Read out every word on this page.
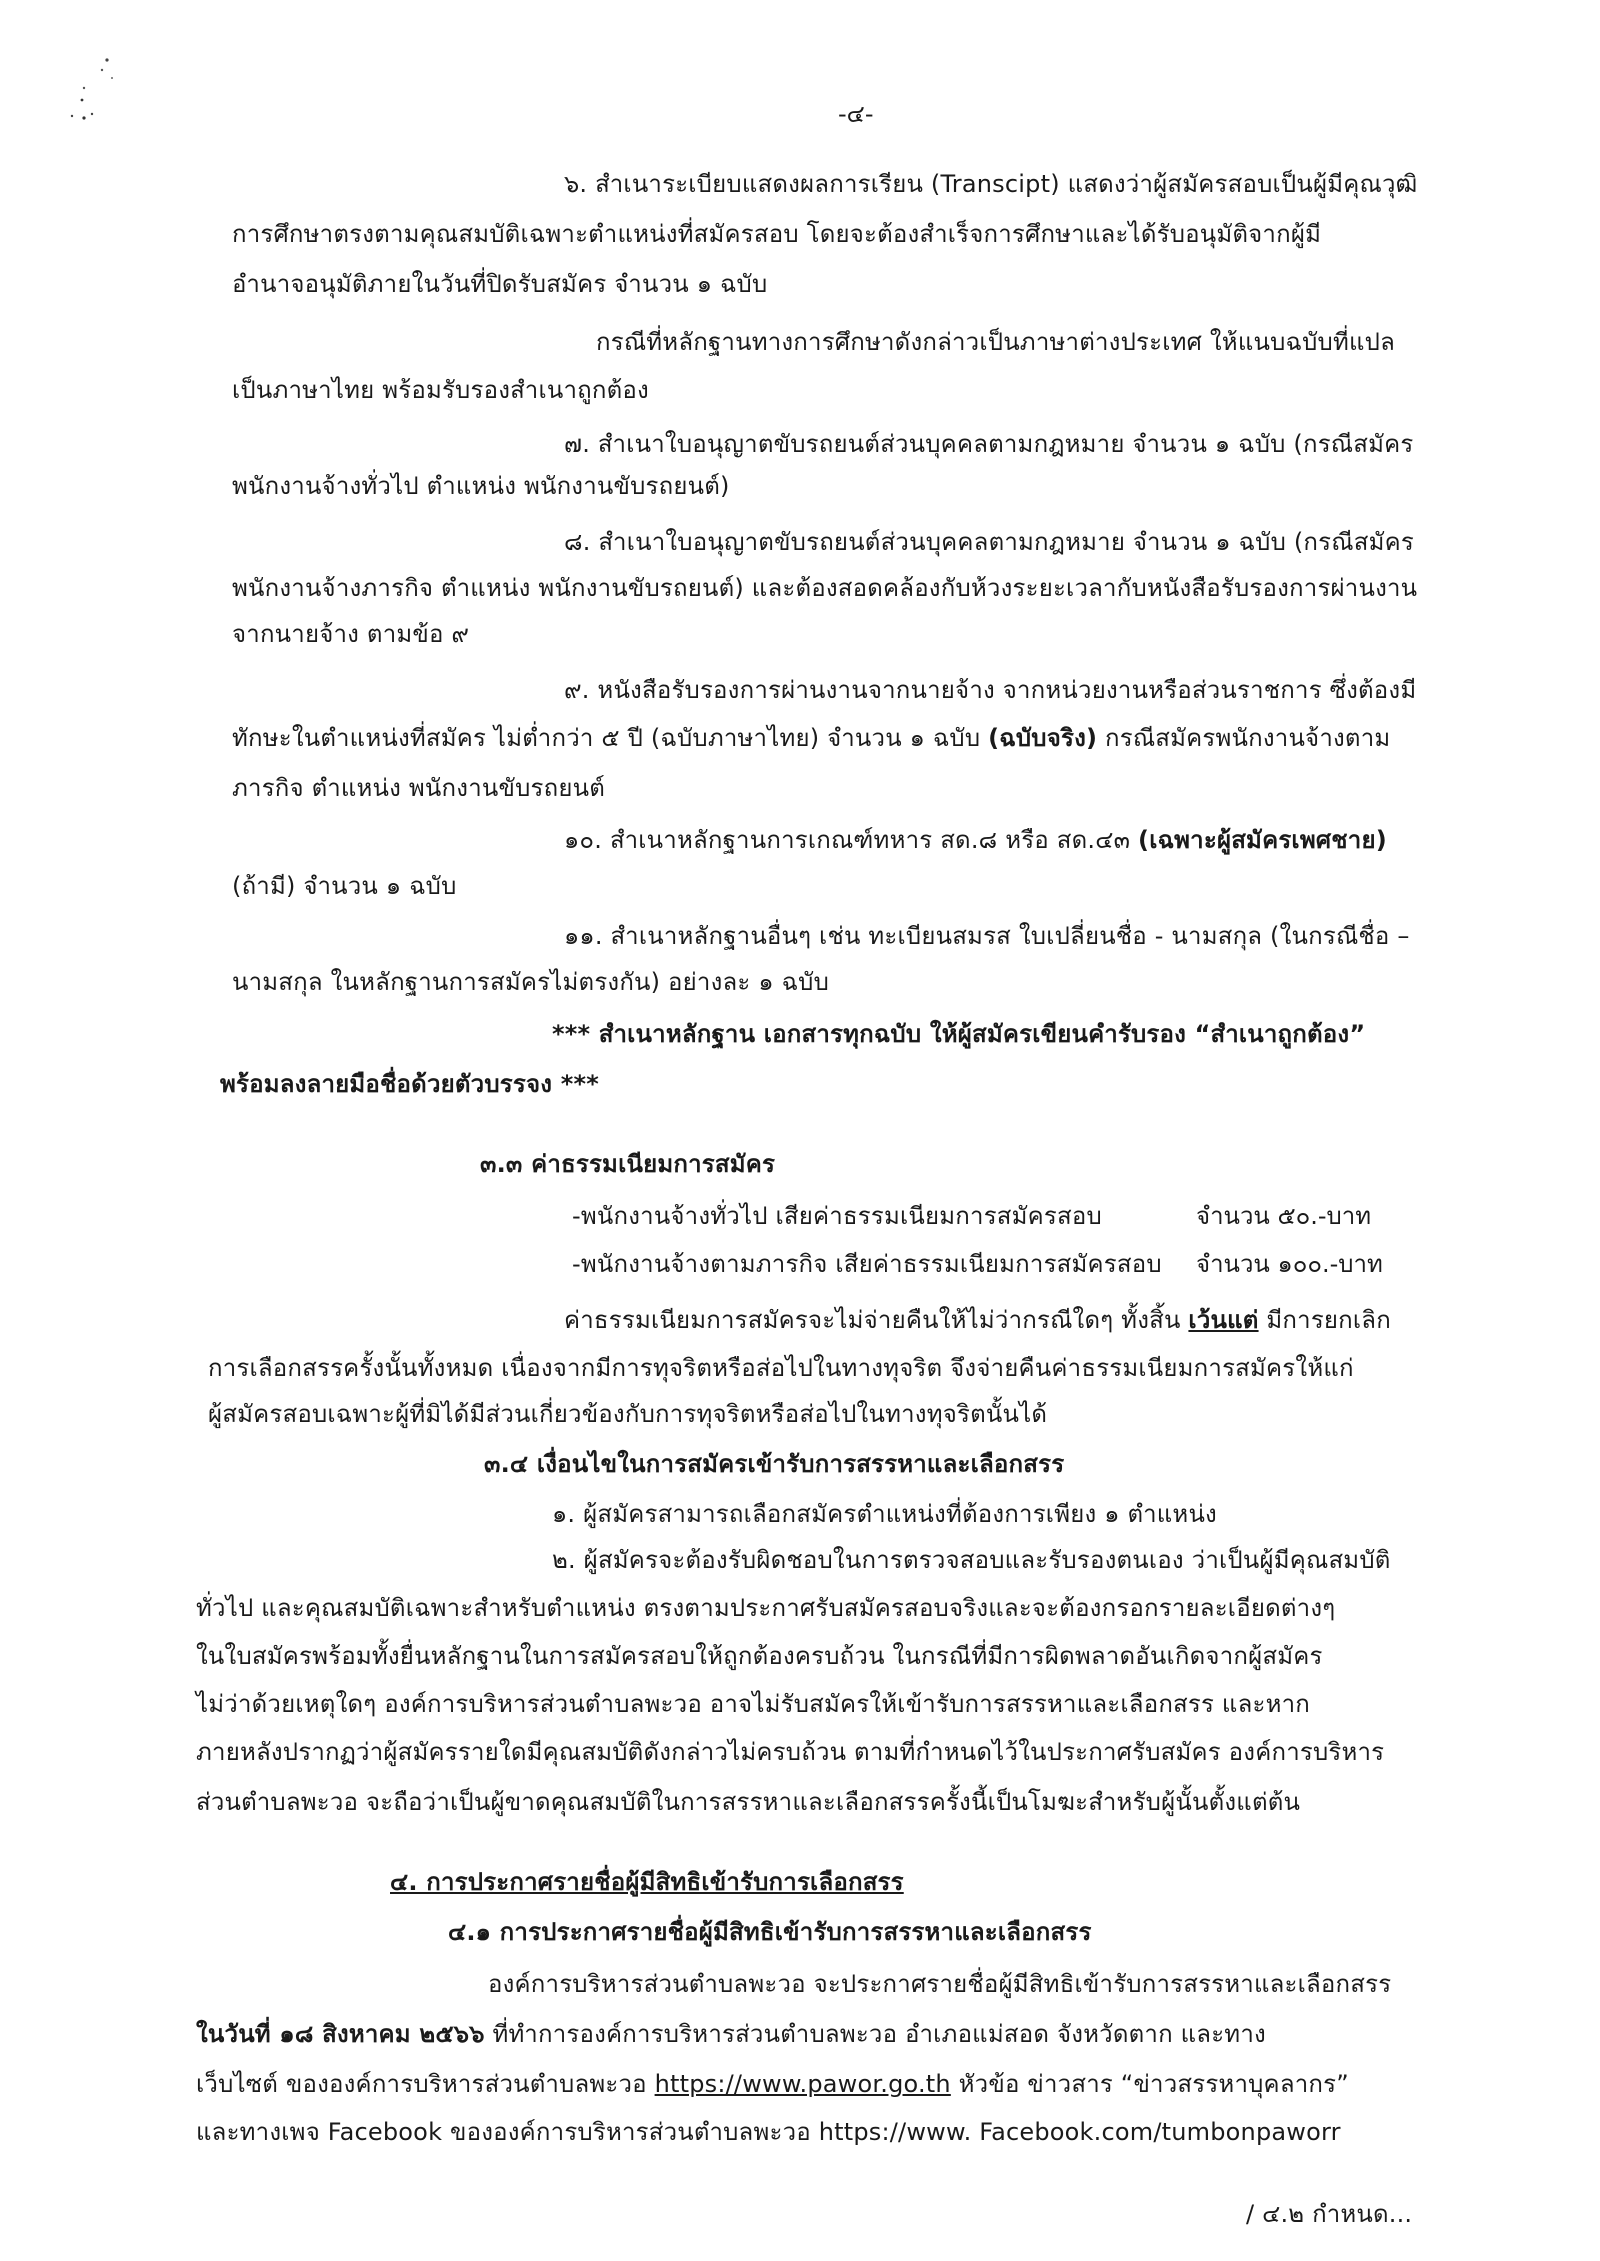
-๔-
๖. สำเนาระเบียบแสดงผลการเรียน (Transcipt) แสดงว่าผู้สมัครสอบเป็นผู้มีคุณวุฒิ
การศึกษาตรงตามคุณสมบัติเฉพาะตำแหน่งที่สมัครสอบ โดยจะต้องสำเร็จการศึกษาและได้รับอนุมัติจากผู้มี
อำนาจอนุมัติภายในวันที่ปิดรับสมัคร จำนวน ๑ ฉบับ
กรณีที่หลักฐานทางการศึกษาดังกล่าวเป็นภาษาต่างประเทศ ให้แนบฉบับที่แปล
เป็นภาษาไทย พร้อมรับรองสำเนาถูกต้อง
๗. สำเนาใบอนุญาตขับรถยนต์ส่วนบุคคลตามกฎหมาย จำนวน ๑ ฉบับ (กรณีสมัคร
พนักงานจ้างทั่วไป ตำแหน่ง พนักงานขับรถยนต์)
๘. สำเนาใบอนุญาตขับรถยนต์ส่วนบุคคลตามกฎหมาย จำนวน ๑ ฉบับ (กรณีสมัคร
พนักงานจ้างภารกิจ ตำแหน่ง พนักงานขับรถยนต์) และต้องสอดคล้องกับห้วงระยะเวลากับหนังสือรับรองการผ่านงาน
จากนายจ้าง ตามข้อ ๙
๙. หนังสือรับรองการผ่านงานจากนายจ้าง จากหน่วยงานหรือส่วนราชการ ซึ่งต้องมี
ทักษะในตำแหน่งที่สมัคร ไม่ต่ำกว่า ๕ ปี (ฉบับภาษาไทย) จำนวน ๑ ฉบับ (ฉบับจริง) กรณีสมัครพนักงานจ้างตาม
ภารกิจ ตำแหน่ง พนักงานขับรถยนต์
๑๐. สำเนาหลักฐานการเกณฑ์ทหาร สด.๘ หรือ สด.๔๓ (เฉพาะผู้สมัครเพศชาย)
(ถ้ามี) จำนวน ๑ ฉบับ
๑๑. สำเนาหลักฐานอื่นๆ เช่น ทะเบียนสมรส ใบเปลี่ยนชื่อ - นามสกุล (ในกรณีชื่อ –
นามสกุล ในหลักฐานการสมัครไม่ตรงกัน) อย่างละ ๑ ฉบับ
*** สำเนาหลักฐาน เอกสารทุกฉบับ ให้ผู้สมัครเขียนคำรับรอง “สำเนาถูกต้อง”
พร้อมลงลายมือชื่อด้วยตัวบรรจง ***
๓.๓ ค่าธรรมเนียมการสมัคร
-พนักงานจ้างทั่วไป เสียค่าธรรมเนียมการสมัครสอบ	จำนวน ๕๐.-บาท
-พนักงานจ้างตามภารกิจ เสียค่าธรรมเนียมการสมัครสอบ จำนวน ๑๐๐.-บาท
ค่าธรรมเนียมการสมัครจะไม่จ่ายคืนให้ไม่ว่ากรณีใดๆ ทั้งสิ้น เว้นแต่ มีการยกเลิก
การเลือกสรรครั้งนั้นทั้งหมด เนื่องจากมีการทุจริตหรือส่อไปในทางทุจริต จึงจ่ายคืนค่าธรรมเนียมการสมัครให้แก่
ผู้สมัครสอบเฉพาะผู้ที่มิได้มีส่วนเกี่ยวข้องกับการทุจริตหรือส่อไปในทางทุจริตนั้นได้
๓.๔ เงื่อนไขในการสมัครเข้ารับการสรรหาและเลือกสรร
๑. ผู้สมัครสามารถเลือกสมัครตำแหน่งที่ต้องการเพียง ๑ ตำแหน่ง
๒. ผู้สมัครจะต้องรับผิดชอบในการตรวจสอบและรับรองตนเอง ว่าเป็นผู้มีคุณสมบัติ
ทั่วไป และคุณสมบัติเฉพาะสำหรับตำแหน่ง ตรงตามประกาศรับสมัครสอบจริงและจะต้องกรอกรายละเอียดต่างๆ
ในใบสมัครพร้อมทั้งยื่นหลักฐานในการสมัครสอบให้ถูกต้องครบถ้วน ในกรณีที่มีการผิดพลาดอันเกิดจากผู้สมัคร
ไม่ว่าด้วยเหตุใดๆ องค์การบริหารส่วนตำบลพะวอ อาจไม่รับสมัครให้เข้ารับการสรรหาและเลือกสรร และหาก
ภายหลังปรากฏว่าผู้สมัครรายใดมีคุณสมบัติดังกล่าวไม่ครบถ้วน ตามที่กำหนดไว้ในประกาศรับสมัคร องค์การบริหาร
ส่วนตำบลพะวอ จะถือว่าเป็นผู้ขาดคุณสมบัติในการสรรหาและเลือกสรรครั้งนี้เป็นโมฆะสำหรับผู้นั้นตั้งแต่ต้น
๔. การประกาศรายชื่อผู้มีสิทธิเข้ารับการเลือกสรร
๔.๑ การประกาศรายชื่อผู้มีสิทธิเข้ารับการสรรหาและเลือกสรร
องค์การบริหารส่วนตำบลพะวอ จะประกาศรายชื่อผู้มีสิทธิเข้ารับการสรรหาและเลือกสรร
ในวันที่ ๑๘ สิงหาคม ๒๕๖๖ ที่ทำการองค์การบริหารส่วนตำบลพะวอ อำเภอแม่สอด จังหวัดตาก และทาง
เว็บไซต์ ขององค์การบริหารส่วนตำบลพะวอ https://www.pawor.go.th หัวข้อ ข่าวสาร “ข่าวสรรหาบุคลากร”
และทางเพจ Facebook ขององค์การบริหารส่วนตำบลพะวอ https://www. Facebook.com/tumbonpaworr
/ ๔.๒ กำหนด...
